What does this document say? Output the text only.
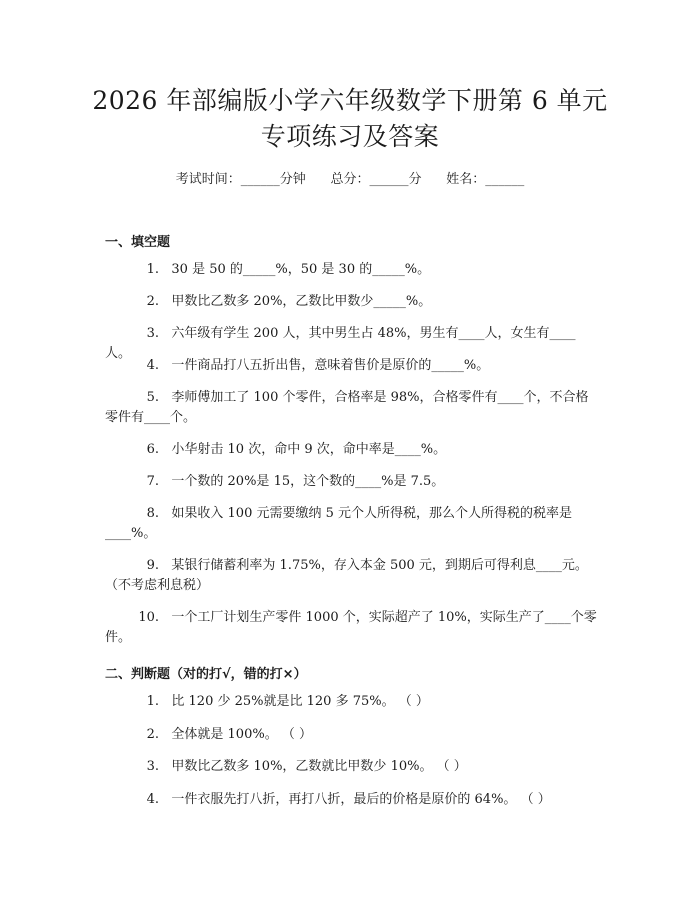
2026 年部编版小学六年级数学下册第 6 单元
专项练习及答案
考试时间：______分钟      总分：______分      姓名：______
一、填空题
1. 30 是 50 的_____%，50 是 30 的_____%。
2. 甲数比乙数多 20%，乙数比甲数少_____%。
3. 六年级有学生 200 人，其中男生占 48%，男生有____人，女生有____人。
4. 一件商品打八五折出售，意味着售价是原价的_____%。
5. 李师傅加工了 100 个零件，合格率是 98%，合格零件有____个，不合格零件有____个。
6. 小华射击 10 次，命中 9 次，命中率是____%。
7. 一个数的 20%是 15，这个数的____%是 7.5。
8. 如果收入 100 元需要缴纳 5 元个人所得税，那么个人所得税的税率是____%。
9. 某银行储蓄利率为 1.75%，存入本金 500 元，到期后可得利息____元。（不考虑利息税）
10. 一个工厂计划生产零件 1000 个，实际超产了 10%，实际生产了____个零件。
二、判断题（对的打√，错的打×）
1. 比 120 少 25%就是比 120 多 75%。 （ ）
2. 全体就是 100%。 （ ）
3. 甲数比乙数多 10%，乙数就比甲数少 10%。 （ ）
4. 一件衣服先打八折，再打八折，最后的价格是原价的 64%。 （ ）
